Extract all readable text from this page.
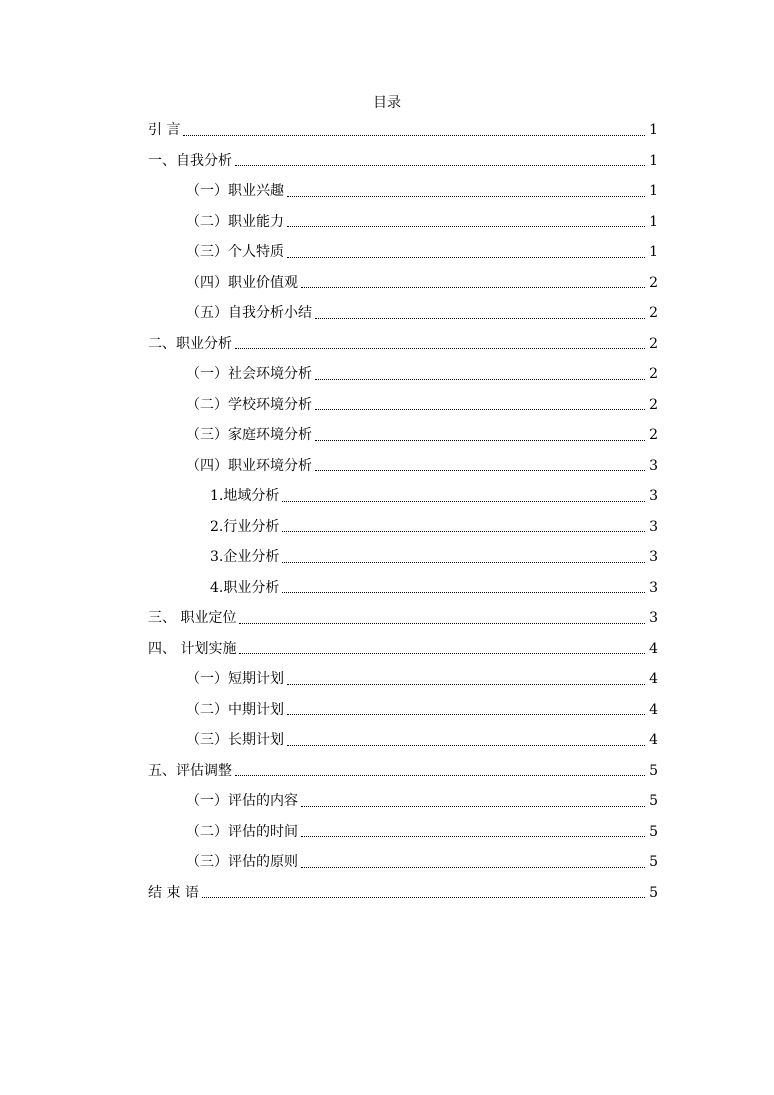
目录
引 言	1
一、自我分析	1
（一）职业兴趣	1
（二）职业能力	1
（三）个人特质	1
（四）职业价值观	2
（五）自我分析小结	2
二、职业分析	2
（一）社会环境分析	2
（二）学校环境分析	2
（三）家庭环境分析	2
（四）职业环境分析	3
1.地域分析	3
2.行业分析	3
3.企业分析	3
4.职业分析	3
三、 职业定位	3
四、 计划实施	4
（一）短期计划	4
（二）中期计划	4
（三）长期计划	4
五、评估调整	5
（一）评估的内容	5
（二）评估的时间	5
（三）评估的原则	5
结 束 语	5
